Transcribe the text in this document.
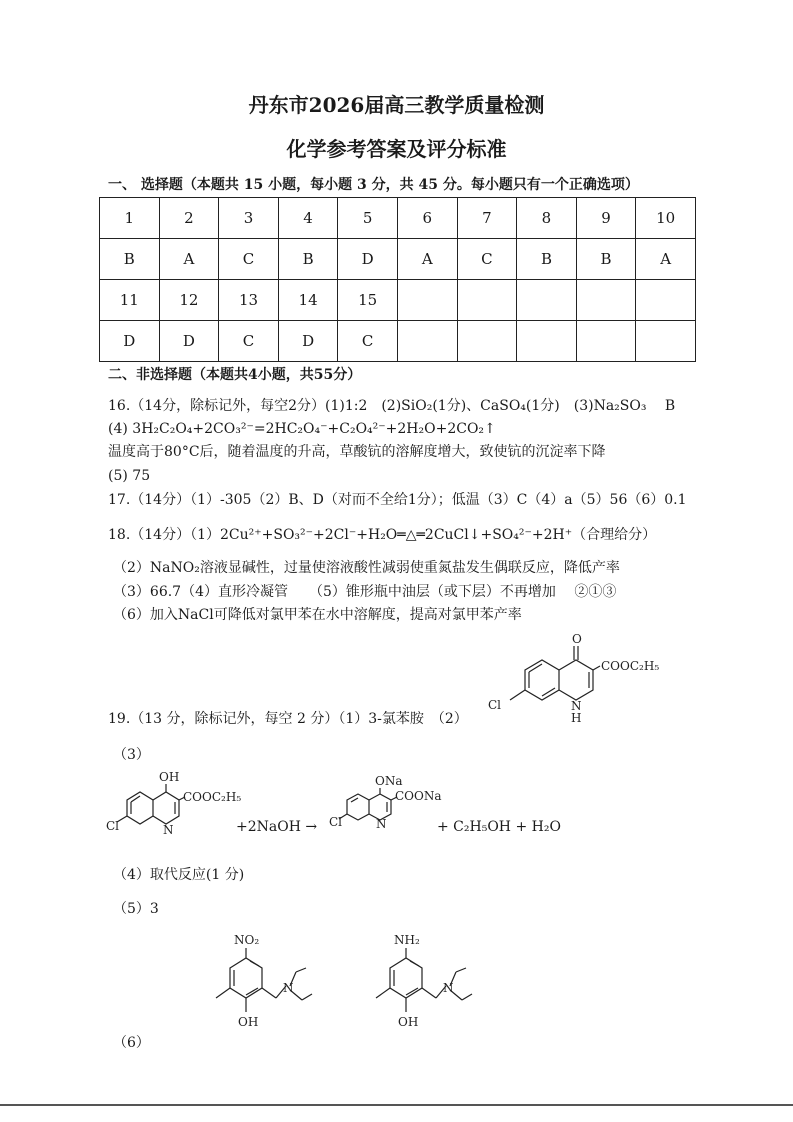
丹东市2026届高三教学质量检测
化学参考答案及评分标准
一、 选择题（本题共 15 小题，每小题 3 分，共 45 分。每小题只有一个正确选项）
1	2	3	4	5	6	7	8	9	10
B	A	C	B	D	A	C	B	B	A
11	12	13	14	15					
D	D	C	D	C					
二、非选择题（本题共4小题，共55分）
16.（14分，除标记外，每空2分）(1)1:2　(2)SiO₂(1分)、CaSO₄(1分)　(3)Na₂SO₃　 B
(4) 3H₂C₂O₄+2CO₃²⁻=2HC₂O₄⁻+C₂O₄²⁻+2H₂O+2CO₂↑
温度高于80°C后，随着温度的升高，草酸钪的溶解度增大，致使钪的沉淀率下降
(5) 75
17.（14分）（1）-305（2）B、D（对而不全给1分）；低温（3）C（4）a（5）56（6）0.1
18.（14分）（1）2Cu²⁺+SO₃²⁻+2Cl⁻+H₂O═△═2CuCl↓+SO₄²⁻+2H⁺（合理给分）
（2）NaNO₂溶液显碱性，过量使溶液酸性减弱使重氮盐发生偶联反应，降低产率
（3）66.7（4）直形冷凝管　　（5）锥形瓶中油层（或下层）不再增加　 ②①③
（6）加入NaCl可降低对氯甲苯在水中溶解度，提高对氯甲苯产率
O
COOC₂H₅
Cl	N
H
19.（13 分，除标记外，每空 2 分）（1）3-氯苯胺　（2）
（3）
OH
COOC₂H₅
Cl	N	+2NaOH →
ONa
COONa
Cl	N	+ C₂H₅OH + H₂O
（4）取代反应(1 分)
（5）3
NO₂
N
OH
NH₂
N
OH
（6）
